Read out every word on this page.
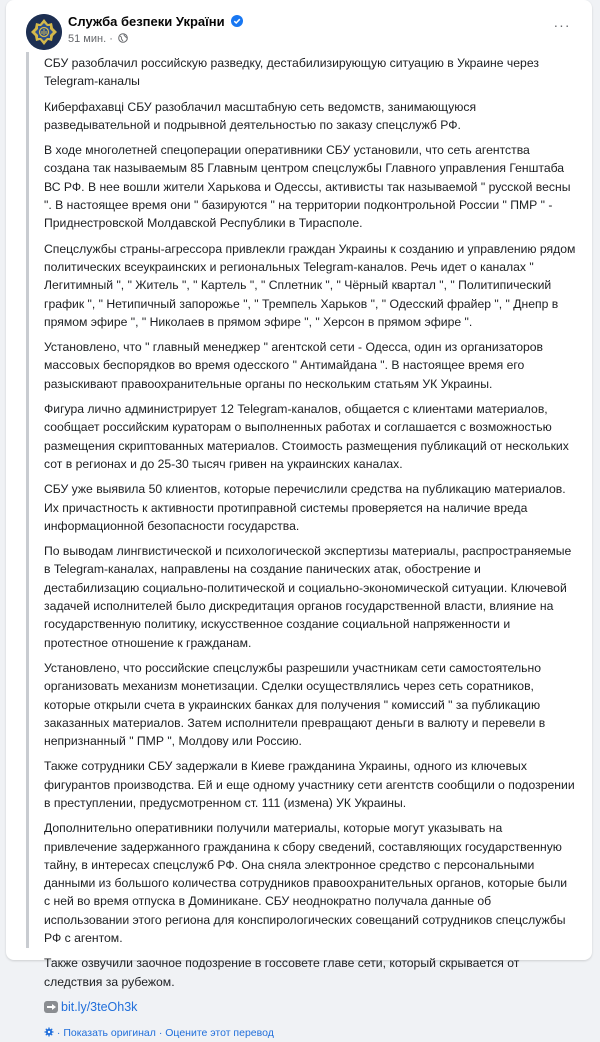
Служба безпеки України
51 мин. ·
···

СБУ разоблачил российскую разведку, дестабилизирующую ситуацию в Украине через Telegram-каналы

Киберфахавці СБУ разоблачил масштабную сеть ведомств, занимающуюся разведывательной и подрывной деятельностью по заказу спецслужб РФ.

В ходе многолетней спецоперации оперативники СБУ установили, что сеть агентства создана так называемым 85 Главным центром спецслужбы Главного управления Генштаба ВС РФ. В нее вошли жители Харькова и Одессы, активисты так называемой " русской весны ". В настоящее время они " базируются " на территории подконтрольной России " ПМР " - Приднестровской Молдавской Республики в Тирасполе.

Спецслужбы страны-агрессора привлекли граждан Украины к созданию и управлению рядом политических всеукраинских и региональных Telegram-каналов. Речь идет о каналах " Легитимный ", " Житель ", " Картель ", " Сплетник ", " Чёрный квартал ", " Политипический график ", " Нетипичный запорожье ", " Тремпель Харьков ", " Одесский фрайер ", " Днепр в прямом эфире ", " Николаев в прямом эфире ", " Херсон в прямом эфире ".

Установлено, что " главный менеджер " агентской сети - Одесса, один из организаторов массовых беспорядков во время одесского " Антимайдана ". В настоящее время его разыскивают правоохранительные органы по нескольким статьям УК Украины.

Фигура лично администрирует 12 Telegram-каналов, общается с клиентами материалов, сообщает российским кураторам о выполненных работах и соглашается с возможностью размещения скриптованных материалов. Стоимость размещения публикаций от нескольких сот в регионах и до 25-30 тысяч гривен на украинских каналах.

СБУ уже выявила 50 клиентов, которые перечислили средства на публикацию материалов. Их причастность к активности протиправной системы проверяется на наличие вреда информационной безопасности государства.

По выводам лингвистической и психологической экспертизы материалы, распространяемые в Telegram-каналах, направлены на создание панических атак, обострение и дестабилизацию социально-политической и социально-экономической ситуации. Ключевой задачей исполнителей было дискредитация органов государственной власти, влияние на государственную политику, искусственное создание социальной напряженности и протестное отношение к гражданам.

Установлено, что российские спецслужбы разрешили участникам сети самостоятельно организовать механизм монетизации. Сделки осуществлялись через сеть соратников, которые открыли счета в украинских банках для получения " комиссий " за публикацию заказанных материалов. Затем исполнители превращают деньги в валюту и перевели в непризнанный " ПМР ", Молдову или Россию.

Также сотрудники СБУ задержали в Киеве гражданина Украины, одного из ключевых фигурантов производства. Ей и еще одному участнику сети агентств сообщили о подозрении в преступлении, предусмотренном ст. 111 (измена) УК Украины.

Дополнительно оперативники получили материалы, которые могут указывать на привлечение задержанного гражданина к сбору сведений, составляющих государственную тайну, в интересах спецслужб РФ. Она сняла электронное средство с персональными данными из большого количества сотрудников правоохранительных органов, которые были с ней во время отпуска в Доминикане. СБУ неоднократно получала данные об использовании этого региона для конспирологических совещаний сотрудников спецслужбы РФ с агентом.

Также озвучили заочное подозрение в госсовете главе сети, который скрывается от следствия за рубежом.

bit.ly/3teOh3k
· Показать оригинал · Оцените этот перевод
